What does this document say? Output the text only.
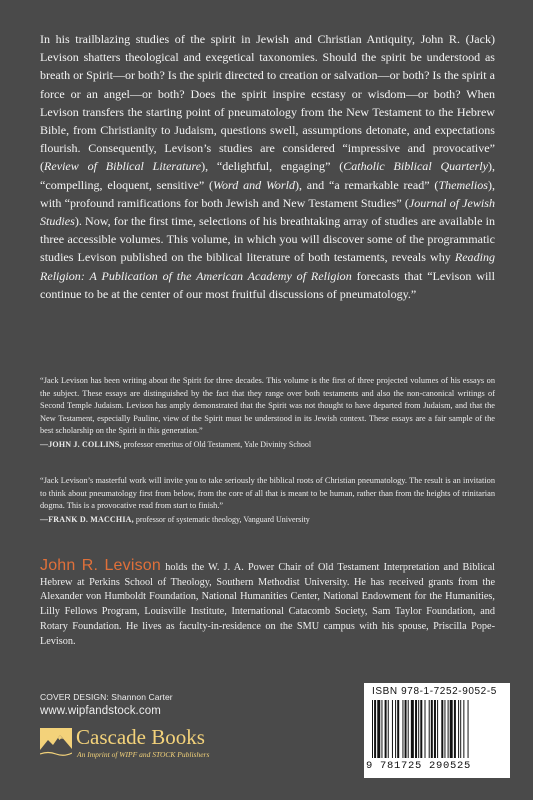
In his trailblazing studies of the spirit in Jewish and Christian Antiquity, John R. (Jack) Levison shatters theological and exegetical taxonomies. Should the spirit be understood as breath or Spirit—or both? Is the spirit directed to creation or salvation—or both? Is the spirit a force or an angel—or both? Does the spirit inspire ecstasy or wisdom—or both? When Levison transfers the starting point of pneumatology from the New Testament to the Hebrew Bible, from Christianity to Judaism, questions swell, assumptions detonate, and expectations flourish. Consequently, Levison’s studies are considered “impressive and provocative” (Review of Biblical Literature), “delightful, engaging” (Catholic Biblical Quarterly), “compelling, eloquent, sensitive” (Word and World), and “a remarkable read” (Themelios), with “profound ramifications for both Jewish and New Testament Studies” (Journal of Jewish Studies). Now, for the first time, selections of his breathtaking array of studies are available in three accessible volumes. This volume, in which you will discover some of the programmatic studies Levison published on the biblical literature of both testaments, reveals why Reading Religion: A Publication of the American Academy of Religion forecasts that “Levison will continue to be at the center of our most fruitful discussions of pneumatology.”

“Jack Levison has been writing about the Spirit for three decades. This volume is the first of three projected volumes of his essays on the subject. These essays are distinguished by the fact that they range over both testaments and also the non-canonical writings of Second Temple Judaism. Levison has amply demonstrated that the Spirit was not thought to have departed from Judaism, and that the New Testament, especially Pauline, view of the Spirit must be understood in its Jewish context. These essays are a fair sample of the best scholarship on the Spirit in this generation.”
—JOHN J. COLLINS, professor emeritus of Old Testament, Yale Divinity School

“Jack Levison’s masterful work will invite you to take seriously the biblical roots of Christian pneumatology. The result is an invitation to think about pneumatology first from below, from the core of all that is meant to be human, rather than from the heights of trinitarian dogma. This is a provocative read from start to finish.”
—FRANK D. MACCHIA, professor of systematic theology, Vanguard University

John R. Levison holds the W. J. A. Power Chair of Old Testament Interpretation and Biblical Hebrew at Perkins School of Theology, Southern Methodist University. He has received grants from the Alexander von Humboldt Foundation, National Humanities Center, National Endowment for the Humanities, Lilly Fellows Program, Louisville Institute, International Catacomb Society, Sam Taylor Foundation, and Rotary Foundation. He lives as faculty-in-residence on the SMU campus with his spouse, Priscilla Pope-Levison.

COVER DESIGN: Shannon Carter
www.wipfandstock.com
Cascade Books
An Imprint of WIPF and STOCK Publishers
ISBN 978-1-7252-9052-5
9 781725 290525
